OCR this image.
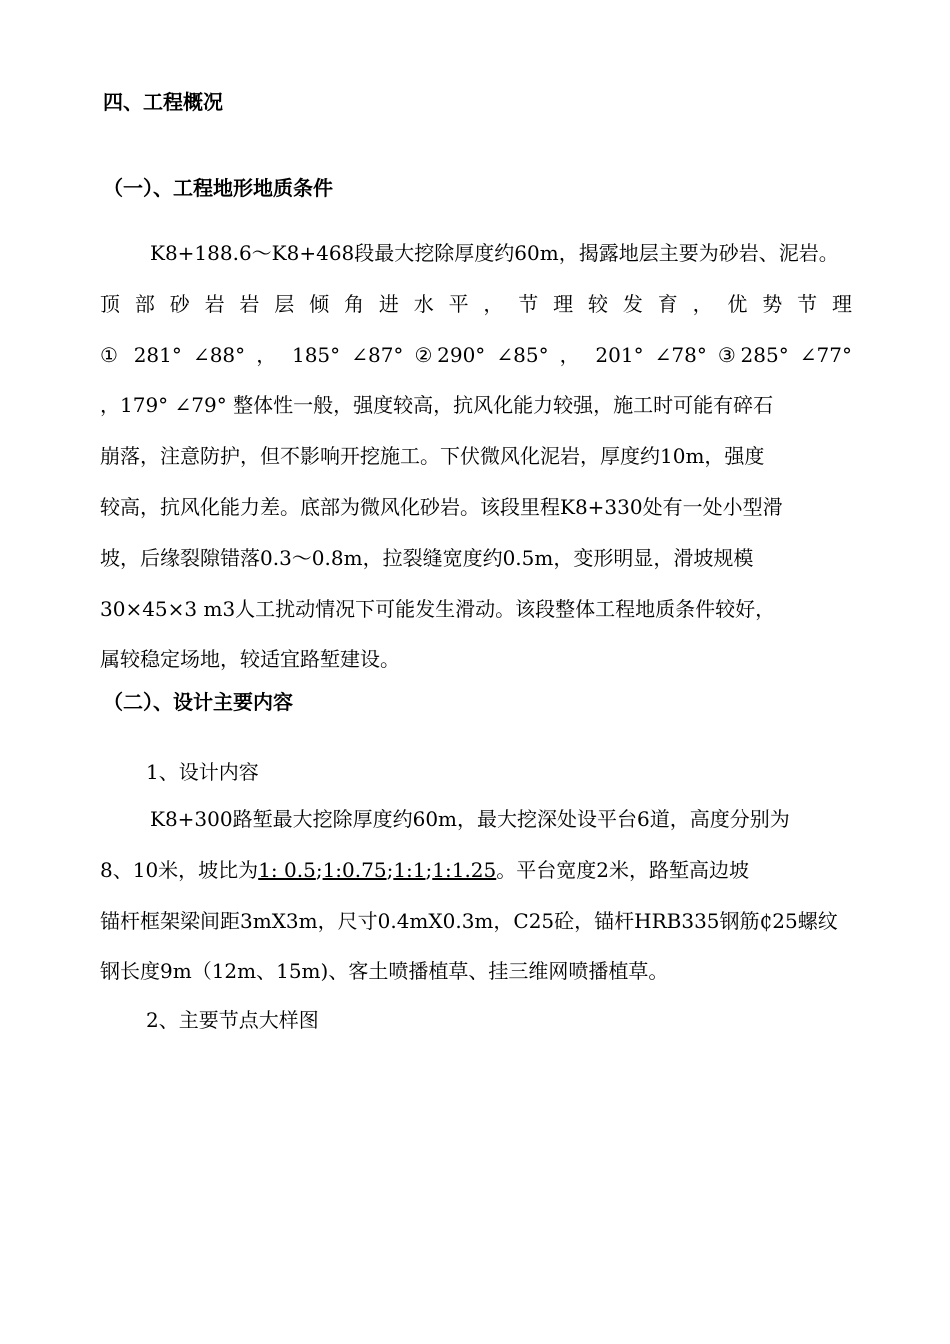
四、工程概况
（一）、工程地形地质条件
K8+188.6～K8+468段最大挖除厚度约60m，揭露地层主要为砂岩、泥岩。
顶 部 砂 岩 岩 层 倾 角 进 水 平 ， 节 理 较 发 育 ， 优 势 节 理
① 281° ∠88° ， 185° ∠87° ②290° ∠85° ， 201° ∠78° ③285° ∠77°
，179° ∠79° 整体性一般，强度较高，抗风化能力较强，施工时可能有碎石
崩落，注意防护，但不影响开挖施工。下伏微风化泥岩，厚度约10m，强度
较高，抗风化能力差。底部为微风化砂岩。该段里程K8+330处有一处小型滑
坡，后缘裂隙错落0.3～0.8m，拉裂缝宽度约0.5m，变形明显，滑坡规模
30×45×3 m3人工扰动情况下可能发生滑动。该段整体工程地质条件较好，
属较稳定场地，较适宜路堑建设。
（二）、设计主要内容
1、设计内容
K8+300路堑最大挖除厚度约60m，最大挖深处设平台6道，高度分别为
8、10米，坡比为1: 0.5;1:0.75;1:1;1:1.25。平台宽度2米，路堑高边坡
锚杆框架梁间距3mX3m，尺寸0.4mX0.3m，C25砼，锚杆HRB335钢筋₵25螺纹
钢长度9m（12m、15m)、客土喷播植草、挂三维网喷播植草。
2、主要节点大样图
